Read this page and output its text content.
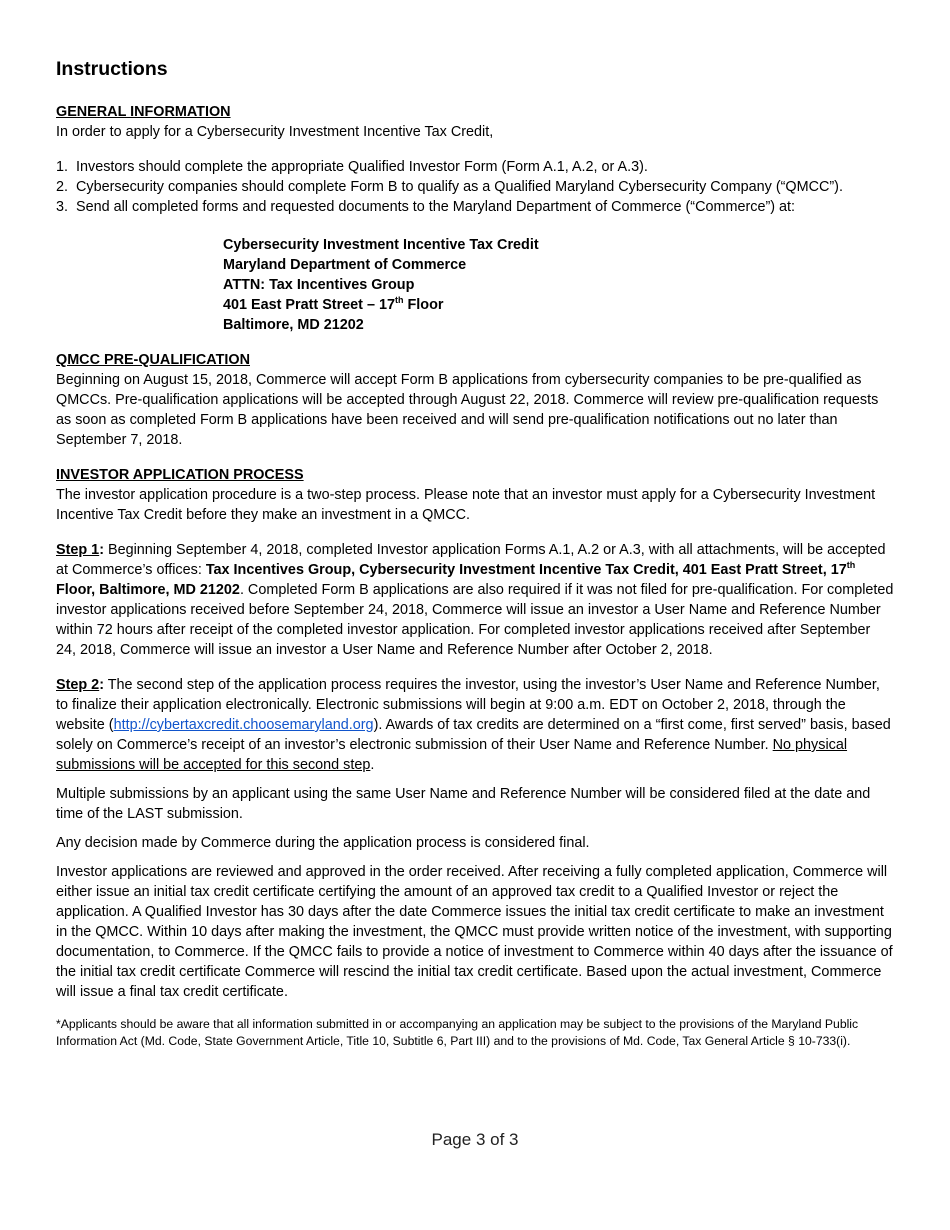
Instructions
GENERAL INFORMATION

In order to apply for a Cybersecurity Investment Incentive Tax Credit,

1. Investors should complete the appropriate Qualified Investor Form (Form A.1, A.2, or A.3).
2. Cybersecurity companies should complete Form B to qualify as a Qualified Maryland Cybersecurity Company (“QMCC”).
3. Send all completed forms and requested documents to the Maryland Department of Commerce (“Commerce”) at:
Cybersecurity Investment Incentive Tax Credit
Maryland Department of Commerce
ATTN: Tax Incentives Group
401 East Pratt Street – 17th Floor
Baltimore, MD 21202
QMCC PRE-QUALIFICATION

Beginning on August 15, 2018, Commerce will accept Form B applications from cybersecurity companies to be pre-qualified as QMCCs. Pre-qualification applications will be accepted through August 22, 2018. Commerce will review pre-qualification requests as soon as completed Form B applications have been received and will send pre-qualification notifications out no later than September 7, 2018.

INVESTOR APPLICATION PROCESS

The investor application procedure is a two-step process. Please note that an investor must apply for a Cybersecurity Investment Incentive Tax Credit before they make an investment in a QMCC.

Step 1: Beginning September 4, 2018, completed Investor application Forms A.1, A.2 or A.3, with all attachments, will be accepted at Commerce’s offices: Tax Incentives Group, Cybersecurity Investment Incentive Tax Credit, 401 East Pratt Street, 17th Floor, Baltimore, MD 21202. Completed Form B applications are also required if it was not filed for pre-qualification. For completed investor applications received before September 24, 2018, Commerce will issue an investor a User Name and Reference Number within 72 hours after receipt of the completed investor application. For completed investor applications received after September 24, 2018, Commerce will issue an investor a User Name and Reference Number after October 2, 2018.

Step 2: The second step of the application process requires the investor, using the investor’s User Name and Reference Number, to finalize their application electronically. Electronic submissions will begin at 9:00 a.m. EDT on October 2, 2018, through the website (http://cybertaxcredit.choosemaryland.org). Awards of tax credits are determined on a “first come, first served” basis, based solely on Commerce’s receipt of an investor’s electronic submission of their User Name and Reference Number. No physical submissions will be accepted for this second step.

Multiple submissions by an applicant using the same User Name and Reference Number will be considered filed at the date and time of the LAST submission.

Any decision made by Commerce during the application process is considered final.

Investor applications are reviewed and approved in the order received. After receiving a fully completed application, Commerce will either issue an initial tax credit certificate certifying the amount of an approved tax credit to a Qualified Investor or reject the application. A Qualified Investor has 30 days after the date Commerce issues the initial tax credit certificate to make an investment in the QMCC. Within 10 days after making the investment, the QMCC must provide written notice of the investment, with supporting documentation, to Commerce. If the QMCC fails to provide a notice of investment to Commerce within 40 days after the issuance of the initial tax credit certificate Commerce will rescind the initial tax credit certificate. Based upon the actual investment, Commerce will issue a final tax credit certificate.

*Applicants should be aware that all information submitted in or accompanying an application may be subject to the provisions of the Maryland Public Information Act (Md. Code, State Government Article, Title 10, Subtitle 6, Part III) and to the provisions of Md. Code, Tax General Article § 10-733(i).

Page 3 of 3
